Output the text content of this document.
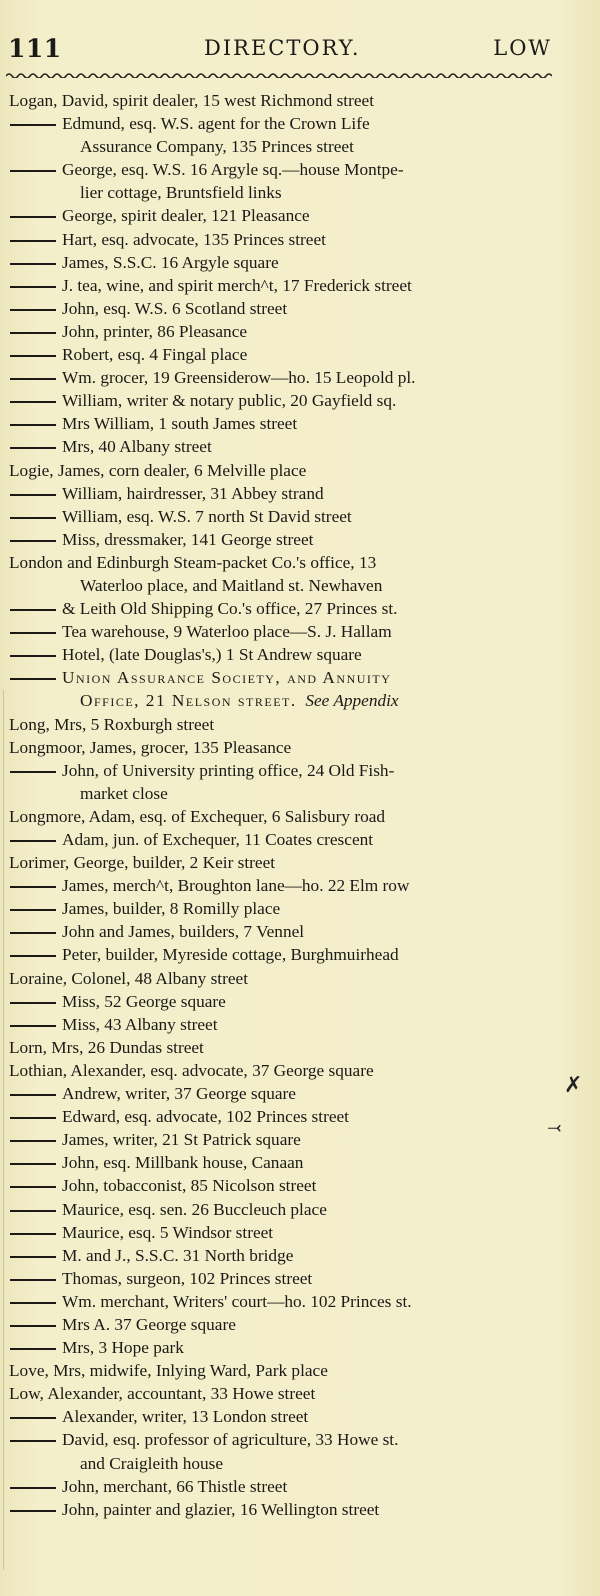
111	DIRECTORY.	LOW
Logan, David, spirit dealer, 15 west Richmond street
Edmund, esq. W.S. agent for the Crown Life
Assurance Company, 135 Princes street
George, esq. W.S. 16 Argyle sq.—house Montpe-
lier cottage, Bruntsfield links
George, spirit dealer, 121 Pleasance
Hart, esq. advocate, 135 Princes street
James, S.S.C. 16 Argyle square
J. tea, wine, and spirit merch^t, 17 Frederick street
John, esq. W.S. 6 Scotland street
John, printer, 86 Pleasance
Robert, esq. 4 Fingal place
Wm. grocer, 19 Greensiderow—ho. 15 Leopold pl.
William, writer & notary public, 20 Gayfield sq.
Mrs William, 1 south James street
Mrs, 40 Albany street
Logie, James, corn dealer, 6 Melville place
William, hairdresser, 31 Abbey strand
William, esq. W.S. 7 north St David street
Miss, dressmaker, 141 George street
London and Edinburgh Steam-packet Co.'s office, 13
Waterloo place, and Maitland st. Newhaven
& Leith Old Shipping Co.'s office, 27 Princes st.
Tea warehouse, 9 Waterloo place—S. J. Hallam
Hotel, (late Douglas's,) 1 St Andrew square
Union Assurance Society, and Annuity
Office, 21 Nelson street. See Appendix
Long, Mrs, 5 Roxburgh street
Longmoor, James, grocer, 135 Pleasance
John, of University printing office, 24 Old Fish-
market close
Longmore, Adam, esq. of Exchequer, 6 Salisbury road
Adam, jun. of Exchequer, 11 Coates crescent
Lorimer, George, builder, 2 Keir street
James, merch^t, Broughton lane—ho. 22 Elm row
James, builder, 8 Romilly place
John and James, builders, 7 Vennel
Peter, builder, Myreside cottage, Burghmuirhead
Loraine, Colonel, 48 Albany street
Miss, 52 George square
Miss, 43 Albany street
Lorn, Mrs, 26 Dundas street
Lothian, Alexander, esq. advocate, 37 George square
Andrew, writer, 37 George square
Edward, esq. advocate, 102 Princes street
James, writer, 21 St Patrick square
John, esq. Millbank house, Canaan
John, tobacconist, 85 Nicolson street
Maurice, esq. sen. 26 Buccleuch place
Maurice, esq. 5 Windsor street
M. and J., S.S.C. 31 North bridge
Thomas, surgeon, 102 Princes street
Wm. merchant, Writers' court—ho. 102 Princes st.
Mrs A. 37 George square
Mrs, 3 Hope park
Love, Mrs, midwife, Inlying Ward, Park place
Low, Alexander, accountant, 33 Howe street
Alexander, writer, 13 London street
David, esq. professor of agriculture, 33 Howe st.
and Craigleith house
John, merchant, 66 Thistle street
John, painter and glazier, 16 Wellington street
✗
⤙
